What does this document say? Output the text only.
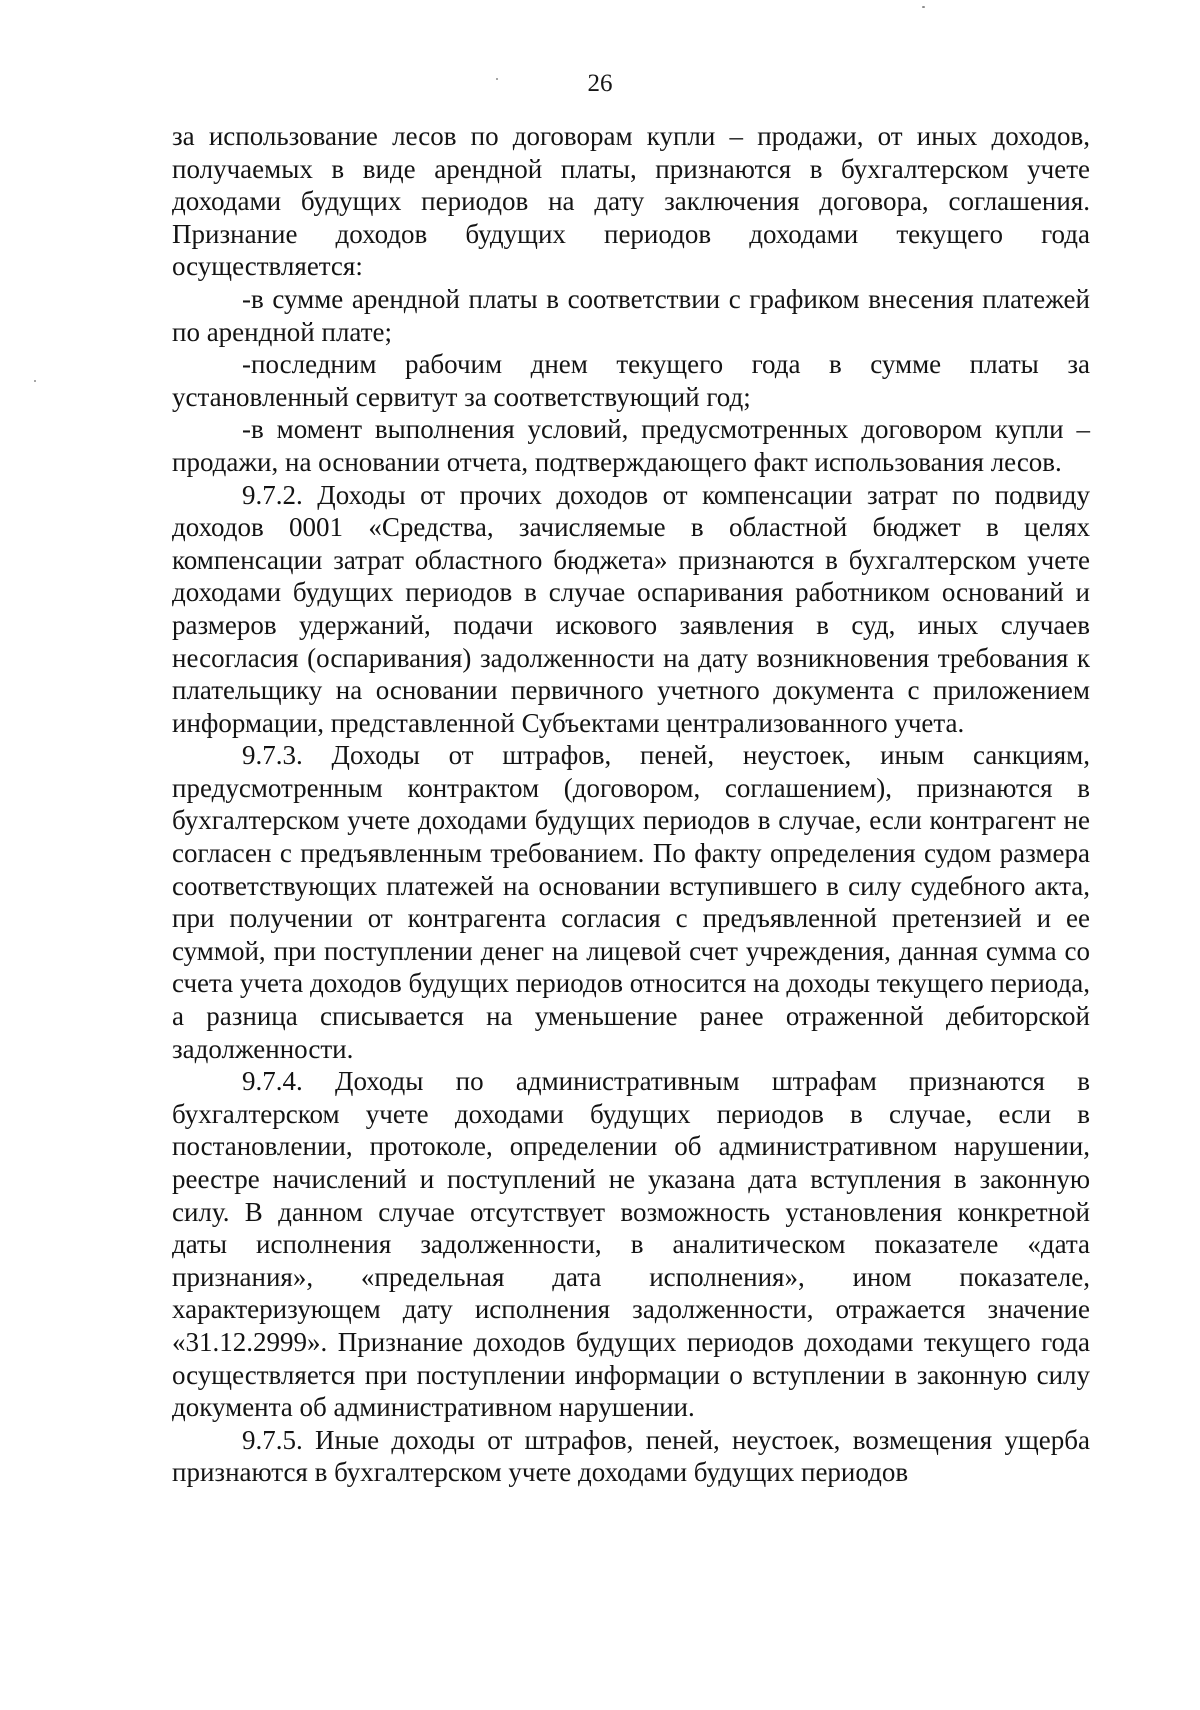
26

за использование лесов по договорам купли – продажи, от иных доходов, получаемых в виде арендной платы, признаются в бухгалтерском учете доходами будущих периодов на дату заключения договора, соглашения. Признание доходов будущих периодов доходами текущего года осуществляется:

-в сумме арендной платы в соответствии с графиком внесения платежей по арендной плате;

-последним рабочим днем текущего года в сумме платы за установленный сервитут за соответствующий год;

-в момент выполнения условий, предусмотренных договором купли – продажи, на основании отчета, подтверждающего факт использования лесов.

9.7.2. Доходы от прочих доходов от компенсации затрат по подвиду доходов 0001 «Средства, зачисляемые в областной бюджет в целях компенсации затрат областного бюджета» признаются в бухгалтерском учете доходами будущих периодов в случае оспаривания работником оснований и размеров удержаний, подачи искового заявления в суд, иных случаев несогласия (оспаривания) задолженности на дату возникновения требования к плательщику на основании первичного учетного документа с приложением информации, представленной Субъектами централизованного учета.

9.7.3. Доходы от штрафов, пеней, неустоек, иным санкциям, предусмотренным контрактом (договором, соглашением), признаются в бухгалтерском учете доходами будущих периодов в случае, если контрагент не согласен с предъявленным требованием. По факту определения судом размера соответствующих платежей на основании вступившего в силу судебного акта, при получении от контрагента согласия с предъявленной претензией и ее суммой, при поступлении денег на лицевой счет учреждения, данная сумма со счета учета доходов будущих периодов относится на доходы текущего периода, а разница списывается на уменьшение ранее отраженной дебиторской задолженности.

9.7.4. Доходы по административным штрафам признаются в бухгалтерском учете доходами будущих периодов в случае, если в постановлении, протоколе, определении об административном нарушении, реестре начислений и поступлений не указана дата вступления в законную силу. В данном случае отсутствует возможность установления конкретной даты исполнения задолженности, в аналитическом показателе «дата признания», «предельная дата исполнения», ином показателе, характеризующем дату исполнения задолженности, отражается значение «31.12.2999». Признание доходов будущих периодов доходами текущего года осуществляется при поступлении информации о вступлении в законную силу документа об административном нарушении.

9.7.5. Иные доходы от штрафов, пеней, неустоек, возмещения ущерба признаются в бухгалтерском учете доходами будущих периодов
